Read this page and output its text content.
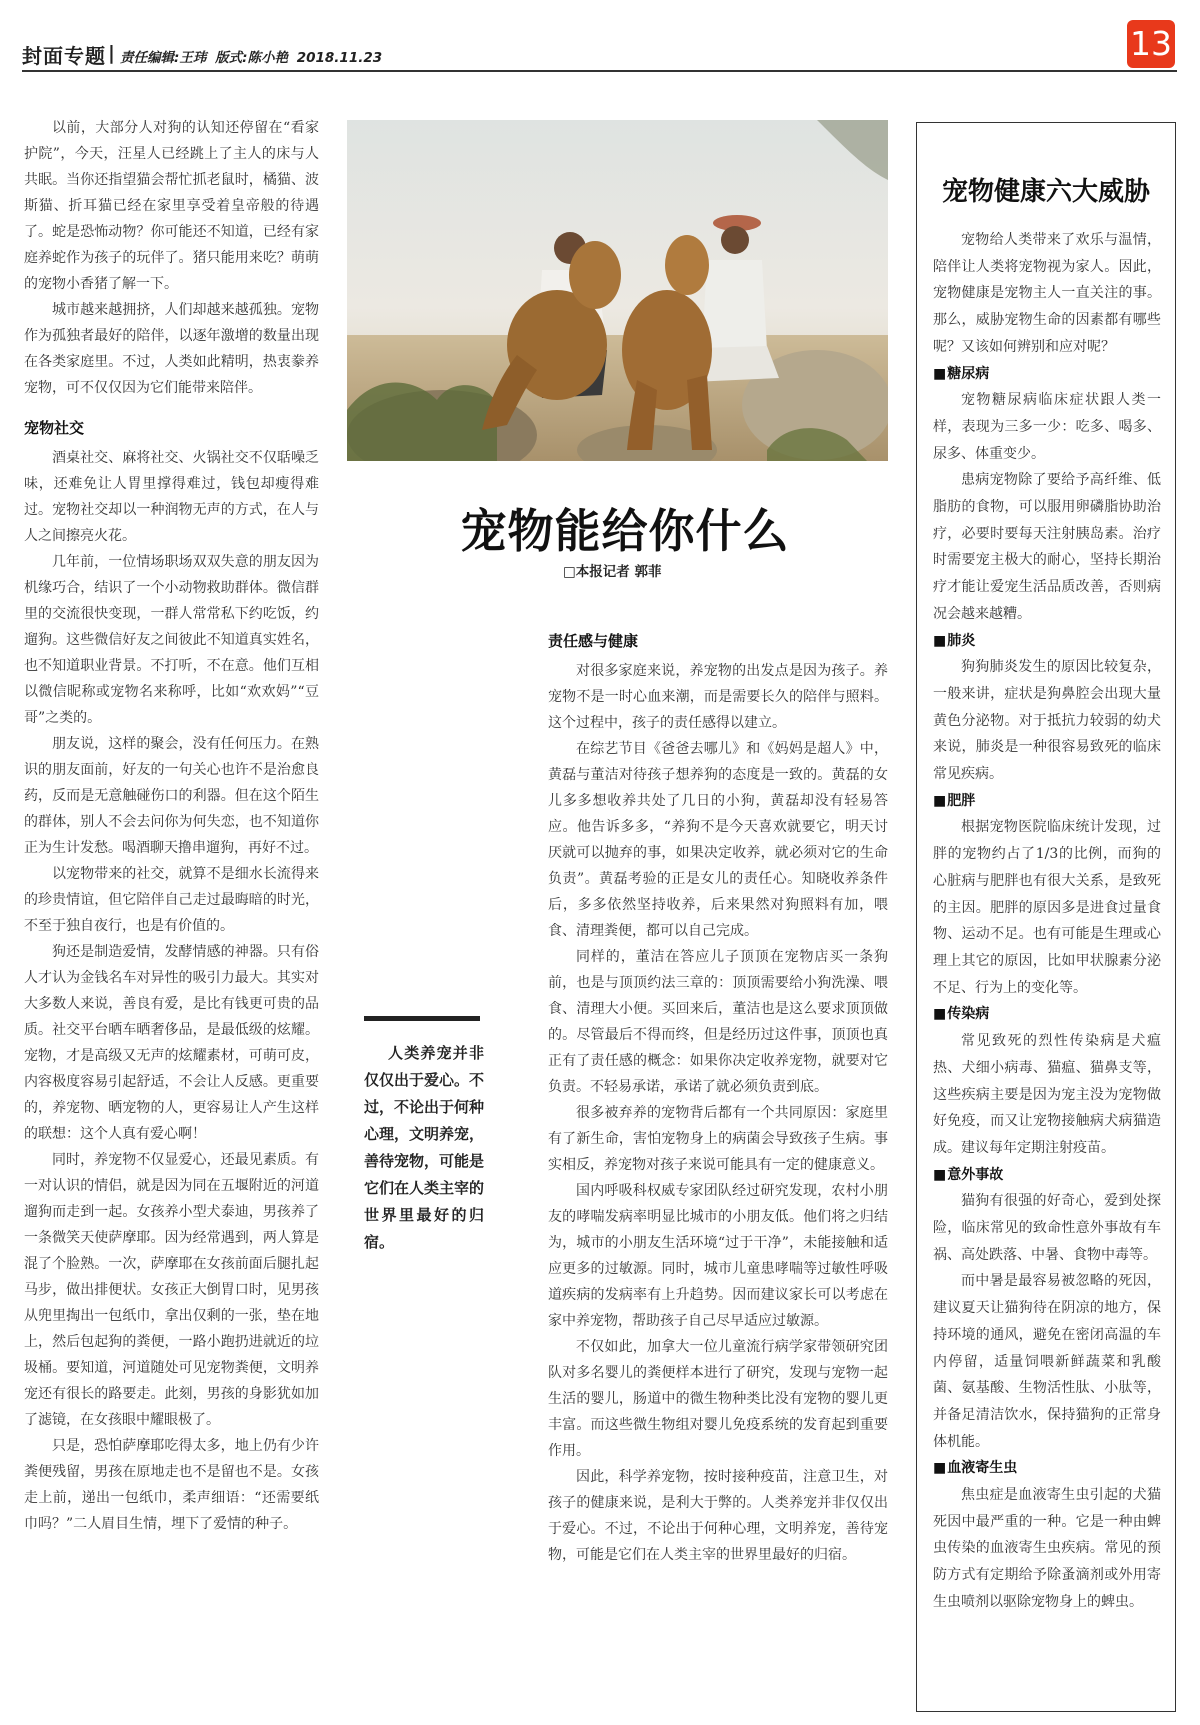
封面专题 | 责任编辑:王玮 版式:陈小艳 2018.11.23	13

以前，大部分人对狗的认知还停留在“看家护院”，今天，汪星人已经跳上了主人的床与人共眠。当你还指望猫会帮忙抓老鼠时，橘猫、波斯猫、折耳猫已经在家里享受着皇帝般的待遇了。蛇是恐怖动物？你可能还不知道，已经有家庭养蛇作为孩子的玩伴了。猪只能用来吃？萌萌的宠物小香猪了解一下。

城市越来越拥挤，人们却越来越孤独。宠物作为孤独者最好的陪伴，以逐年激增的数量出现在各类家庭里。不过，人类如此精明，热衷豢养宠物，可不仅仅因为它们能带来陪伴。

宠物社交

酒桌社交、麻将社交、火锅社交不仅聒噪乏味，还难免让人胃里撑得难过，钱包却瘦得难过。宠物社交却以一种润物无声的方式，在人与人之间擦亮火花。

几年前，一位情场职场双双失意的朋友因为机缘巧合，结识了一个小动物救助群体。微信群里的交流很快变现，一群人常常私下约吃饭，约遛狗。这些微信好友之间彼此不知道真实姓名，也不知道职业背景。不打听，不在意。他们互相以微信昵称或宠物名来称呼，比如“欢欢妈”“豆哥”之类的。

朋友说，这样的聚会，没有任何压力。在熟识的朋友面前，好友的一句关心也许不是治愈良药，反而是无意触碰伤口的利器。但在这个陌生的群体，别人不会去问你为何失恋，也不知道你正为生计发愁。喝酒聊天撸串遛狗，再好不过。

以宠物带来的社交，就算不是细水长流得来的珍贵情谊，但它陪伴自己走过最晦暗的时光，不至于独自夜行，也是有价值的。

狗还是制造爱情，发酵情感的神器。只有俗人才认为金钱名车对异性的吸引力最大。其实对大多数人来说，善良有爱，是比有钱更可贵的品质。社交平台晒车晒奢侈品，是最低级的炫耀。宠物，才是高级又无声的炫耀素材，可萌可皮，内容极度容易引起舒适，不会让人反感。更重要的，养宠物、晒宠物的人，更容易让人产生这样的联想：这个人真有爱心啊！

同时，养宠物不仅显爱心，还最见素质。有一对认识的情侣，就是因为同在五堰附近的河道遛狗而走到一起。女孩养小型犬泰迪，男孩养了一条微笑天使萨摩耶。因为经常遇到，两人算是混了个脸熟。一次，萨摩耶在女孩前面后腿扎起马步，做出排便状。女孩正大倒胃口时，见男孩从兜里掏出一包纸巾，拿出仅剩的一张，垫在地上，然后包起狗的粪便，一路小跑扔进就近的垃圾桶。要知道，河道随处可见宠物粪便，文明养宠还有很长的路要走。此刻，男孩的身影犹如加了滤镜，在女孩眼中耀眼极了。

只是，恐怕萨摩耶吃得太多，地上仍有少许粪便残留，男孩在原地走也不是留也不是。女孩走上前，递出一包纸巾，柔声细语：“还需要纸巾吗？”二人眉目生情，埋下了爱情的种子。

宠物能给你什么
□本报记者 郭菲
人类养宠并非仅仅出于爱心。不过，不论出于何种心理，文明养宠，善待宠物，可能是它们在人类主宰的世界里最好的归宿。
责任感与健康

对很多家庭来说，养宠物的出发点是因为孩子。养宠物不是一时心血来潮，而是需要长久的陪伴与照料。这个过程中，孩子的责任感得以建立。

在综艺节目《爸爸去哪儿》和《妈妈是超人》中，黄磊与董洁对待孩子想养狗的态度是一致的。黄磊的女儿多多想收养共处了几日的小狗，黄磊却没有轻易答应。他告诉多多，“养狗不是今天喜欢就要它，明天讨厌就可以抛弃的事，如果决定收养，就必须对它的生命负责”。黄磊考验的正是女儿的责任心。知晓收养条件后，多多依然坚持收养，后来果然对狗照料有加，喂食、清理粪便，都可以自己完成。

同样的，董洁在答应儿子顶顶在宠物店买一条狗前，也是与顶顶约法三章的：顶顶需要给小狗洗澡、喂食、清理大小便。买回来后，董洁也是这么要求顶顶做的。尽管最后不得而终，但是经历过这件事，顶顶也真正有了责任感的概念：如果你决定收养宠物，就要对它负责。不轻易承诺，承诺了就必须负责到底。

很多被弃养的宠物背后都有一个共同原因：家庭里有了新生命，害怕宠物身上的病菌会导致孩子生病。事实相反，养宠物对孩子来说可能具有一定的健康意义。

国内呼吸科权威专家团队经过研究发现，农村小朋友的哮喘发病率明显比城市的小朋友低。他们将之归结为，城市的小朋友生活环境“过于干净”，未能接触和适应更多的过敏源。同时，城市儿童患哮喘等过敏性呼吸道疾病的发病率有上升趋势。因而建议家长可以考虑在家中养宠物，帮助孩子自己尽早适应过敏源。

不仅如此，加拿大一位儿童流行病学家带领研究团队对多名婴儿的粪便样本进行了研究，发现与宠物一起生活的婴儿，肠道中的微生物种类比没有宠物的婴儿更丰富。而这些微生物组对婴儿免疫系统的发育起到重要作用。

因此，科学养宠物，按时接种疫苗，注意卫生，对孩子的健康来说，是利大于弊的。人类养宠并非仅仅出于爱心。不过，不论出于何种心理，文明养宠，善待宠物，可能是它们在人类主宰的世界里最好的归宿。

宠物健康六大威胁

宠物给人类带来了欢乐与温情，陪伴让人类将宠物视为家人。因此，宠物健康是宠物主人一直关注的事。那么，威胁宠物生命的因素都有哪些呢？又该如何辨别和应对呢？

■ 糖尿病

宠物糖尿病临床症状跟人类一样，表现为三多一少：吃多、喝多、尿多、体重变少。

患病宠物除了要给予高纤维、低脂肪的食物，可以服用卵磷脂协助治疗，必要时要每天注射胰岛素。治疗时需要宠主极大的耐心，坚持长期治疗才能让爱宠生活品质改善，否则病况会越来越糟。

■ 肺炎

狗狗肺炎发生的原因比较复杂，一般来讲，症状是狗鼻腔会出现大量黄色分泌物。对于抵抗力较弱的幼犬来说，肺炎是一种很容易致死的临床常见疾病。

■ 肥胖

根据宠物医院临床统计发现，过胖的宠物约占了1/3的比例，而狗的心脏病与肥胖也有很大关系，是致死的主因。肥胖的原因多是进食过量食物、运动不足。也有可能是生理或心理上其它的原因，比如甲状腺素分泌不足、行为上的变化等。

■ 传染病

常见致死的烈性传染病是犬瘟热、犬细小病毒、猫瘟、猫鼻支等，这些疾病主要是因为宠主没为宠物做好免疫，而又让宠物接触病犬病猫造成。建议每年定期注射疫苗。

■ 意外事故

猫狗有很强的好奇心，爱到处探险，临床常见的致命性意外事故有车祸、高处跌落、中暑、食物中毒等。

而中暑是最容易被忽略的死因，建议夏天让猫狗待在阴凉的地方，保持环境的通风，避免在密闭高温的车内停留，适量饲喂新鲜蔬菜和乳酸菌、氨基酸、生物活性肽、小肽等，并备足清洁饮水，保持猫狗的正常身体机能。

■ 血液寄生虫

焦虫症是血液寄生虫引起的犬猫死因中最严重的一种。它是一种由蜱虫传染的血液寄生虫疾病。常见的预防方式有定期给予除蚤滴剂或外用寄生虫喷剂以驱除宠物身上的蜱虫。
